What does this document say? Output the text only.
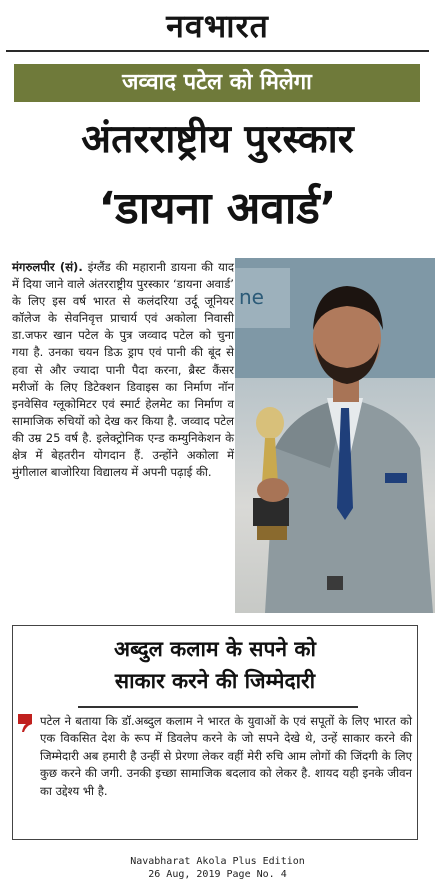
नवभारत
जव्वाद पटेल को मिलेगा
अंतरराष्ट्रीय पुरस्कार
‘डायना अवार्ड’
ne
मंगरुलपीर (सं). इंग्लैंड की महारानी डायना की याद में दिया जाने वाले अंतरराष्ट्रीय पुरस्कार ‘डायना अवार्ड’ के लिए इस वर्ष भारत से कलंदरिया उर्दू जूनियर कॉलेज के सेवनिवृत्त प्राचार्य एवं अकोला निवासी डा.जफर खान पटेल के पुत्र जव्वाद पटेल को चुना गया है. उनका चयन डिऊ ड्राप एवं पानी की बूंद से हवा से और ज्यादा पानी पैदा करना, ब्रैस्ट कैंसर मरीजों के लिए डिटेक्शन डिवाइस का निर्माण नॉन इनवेसिव ग्लूकोमिटर एवं स्मार्ट हेलमेट का निर्माण व सामाजिक रुचियों को देख कर किया है. जव्वाद पटेल की उम्र 25 वर्ष है. इलेक्ट्रोनिक एन्ड कम्युनिकेशन के क्षेत्र में बेहतरीन योगदान हैं. उन्होंने अकोला में मुंगीलाल बाजोरिया विद्यालय में अपनी पढ़ाई की.
अब्दुल कलाम के सपने को
साकार करने की जिम्मेदारी
पटेल ने बताया कि डॉ.अब्दुल कलाम ने भारत के युवाओं के एवं सपूतों के लिए भारत को एक विकसित देश के रूप में डिवलेप करने के जो सपने देखे थे, उन्हें साकार करने की जिम्मेदारी अब हमारी है उन्हीं से प्रेरणा लेकर वहीं मेरी रुचि आम लोगों की जिंदगी के लिए कुछ करने की जगी. उनकी इच्छा सामाजिक बदलाव को लेकर है. शायद यही इनके जीवन का उद्देश्य भी है.
Navabharat Akola Plus Edition
26 Aug, 2019 Page No. 4
